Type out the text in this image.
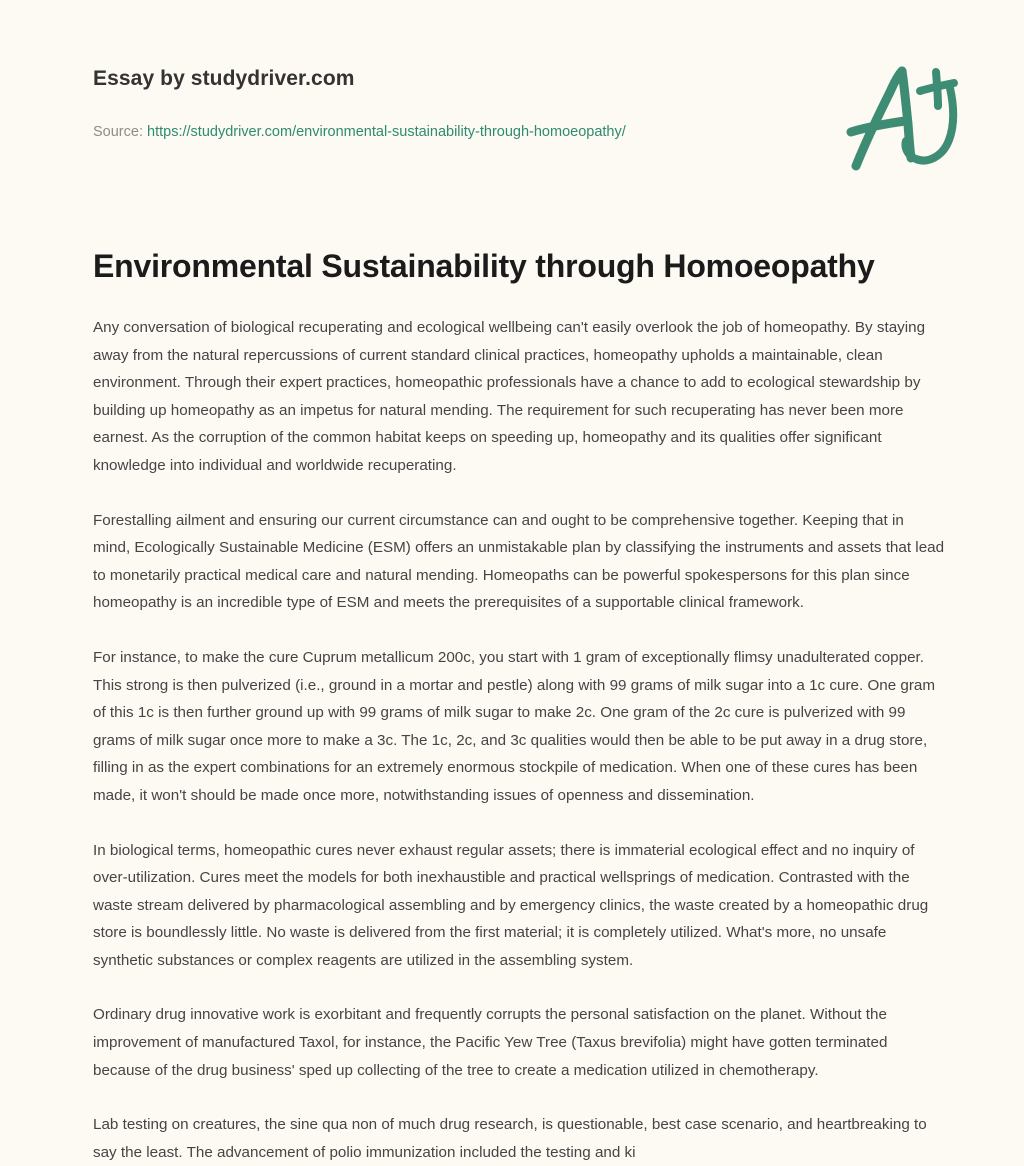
Essay by studydriver.com
Source: https://studydriver.com/environmental-sustainability-through-homoeopathy/
Environmental Sustainability through Homoeopathy

Any conversation of biological recuperating and ecological wellbeing can't easily overlook the job of homeopathy. By staying away from the natural repercussions of current standard clinical practices, homeopathy upholds a maintainable, clean environment. Through their expert practices, homeopathic professionals have a chance to add to ecological stewardship by building up homeopathy as an impetus for natural mending. The requirement for such recuperating has never been more earnest. As the corruption of the common habitat keeps on speeding up, homeopathy and its qualities offer significant knowledge into individual and worldwide recuperating.

Forestalling ailment and ensuring our current circumstance can and ought to be comprehensive together. Keeping that in mind, Ecologically Sustainable Medicine (ESM) offers an unmistakable plan by classifying the instruments and assets that lead to monetarily practical medical care and natural mending. Homeopaths can be powerful spokespersons for this plan since homeopathy is an incredible type of ESM and meets the prerequisites of a supportable clinical framework.

For instance, to make the cure Cuprum metallicum 200c, you start with 1 gram of exceptionally flimsy unadulterated copper. This strong is then pulverized (i.e., ground in a mortar and pestle) along with 99 grams of milk sugar into a 1c cure. One gram of this 1c is then further ground up with 99 grams of milk sugar to make 2c. One gram of the 2c cure is pulverized with 99 grams of milk sugar once more to make a 3c. The 1c, 2c, and 3c qualities would then be able to be put away in a drug store, filling in as the expert combinations for an extremely enormous stockpile of medication. When one of these cures has been made, it won't should be made once more, notwithstanding issues of openness and dissemination.

In biological terms, homeopathic cures never exhaust regular assets; there is immaterial ecological effect and no inquiry of over-utilization. Cures meet the models for both inexhaustible and practical wellsprings of medication. Contrasted with the waste stream delivered by pharmacological assembling and by emergency clinics, the waste created by a homeopathic drug store is boundlessly little. No waste is delivered from the first material; it is completely utilized. What's more, no unsafe synthetic substances or complex reagents are utilized in the assembling system.

Ordinary drug innovative work is exorbitant and frequently corrupts the personal satisfaction on the planet. Without the improvement of manufactured Taxol, for instance, the Pacific Yew Tree (Taxus brevifolia) might have gotten terminated because of the drug business' sped up collecting of the tree to create a medication utilized in chemotherapy.

Lab testing on creatures, the sine qua non of much drug research, is questionable, best case scenario, and heartbreaking to say the least. The advancement of polio immunization included the testing and ki
